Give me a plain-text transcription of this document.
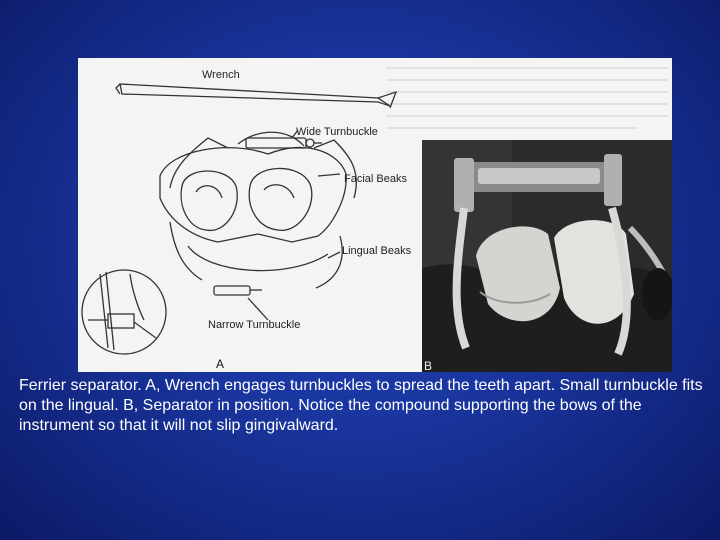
Wrench
Wide Turnbuckle
Facial Beaks
Lingual Beaks
Narrow Turnbuckle
A	B

Ferrier separator. A, Wrench engages turnbuckles to spread the teeth apart. Small turnbuckle fits on the lingual. B, Separator in position. Notice the compound supporting the bows of the instrument so that it will not slip gingivalward.
